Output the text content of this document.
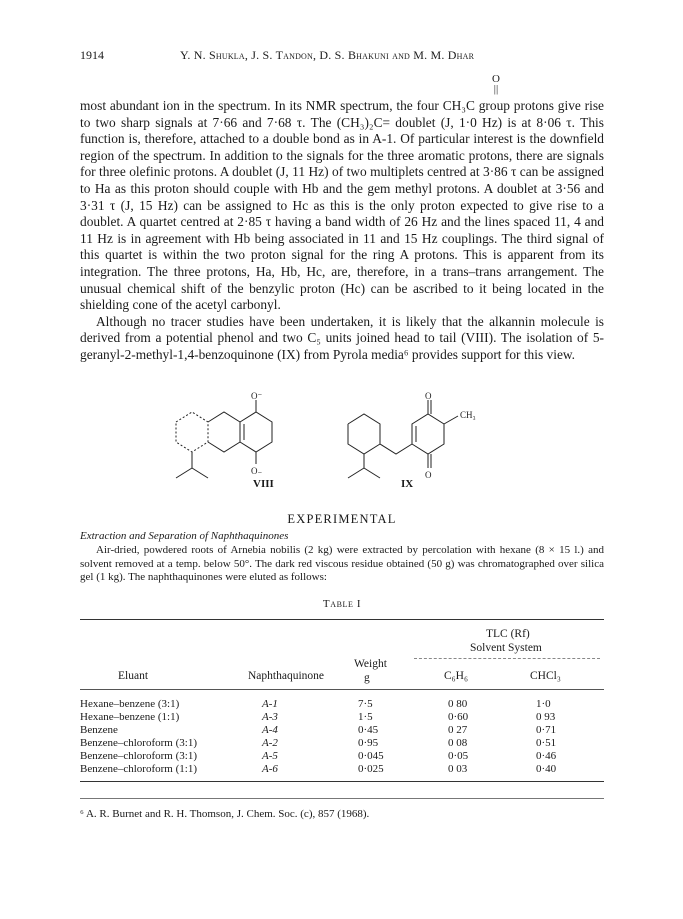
1914	Y. N. Shukla, J. S. Tandon, D. S. Bhakuni and M. M. Dhar
O
||

most abundant ion in the spectrum. In its NMR spectrum, the four CH₃C group protons give rise to two sharp signals at 7·66 and 7·68 τ. The (CH₃)₂C= doublet (J, 1·0 Hz) is at 8·06 τ. This function is, therefore, attached to a double bond as in A-1. Of particular interest is the downfield region of the spectrum. In addition to the signals for the three aromatic protons, there are signals for three olefinic protons. A doublet (J, 11 Hz) of two multiplets centred at 3·86 τ can be assigned to Ha as this proton should couple with Hb and the gem methyl protons. A doublet at 3·56 and 3·31 τ (J, 15 Hz) can be assigned to Hc as this is the only proton expected to give rise to a doublet. A quartet centred at 2·85 τ having a band width of 26 Hz and the lines spaced 11, 4 and 11 Hz is in agreement with Hb being associated in 11 and 15 Hz couplings. The third signal of this quartet is within the two proton signal for the ring A protons. This is apparent from its integration. The three protons, Ha, Hb, Hc, are, therefore, in a trans–trans arrangement. The unusual chemical shift of the benzylic proton (Hc) can be ascribed to it being located in the shielding cone of the acetyl carbonyl.

Although no tracer studies have been undertaken, it is likely that the alkannin molecule is derived from a potential phenol and two C₅ units joined head to tail (VIII). The isolation of 5-geranyl-2-methyl-1,4-benzoquinone (IX) from Pyrola media⁶ provides support for this view.

O⁻
O₋
O
O
CH₃
VIII	IX
EXPERIMENTAL
Extraction and Separation of Naphthaquinones
Air-dried, powdered roots of Arnebia nobilis (2 kg) were extracted by percolation with hexane (8 × 15 l.) and solvent removed at a temp. below 50°. The dark red viscous residue obtained (50 g) was chromatographed over silica gel (1 kg). The naphthaquinones were eluted as follows:
Table I
TLC (Rf)
Solvent System
Eluant	Naphthaquinone
Weight
g	C₆H₆	CHCl₃
Hexane–benzene (3:1)	A-1	7·5	0 80	1·0
Hexane–benzene (1:1)	A-3	1·5	0·60	0 93
Benzene	A-4	0·45	0 27	0·71
Benzene–chloroform (3:1)	A-2	0·95	0 08	0·51
Benzene–chloroform (3:1)	A-5	0·045	0·05	0·46
Benzene–chloroform (1:1)	A-6	0·025	0 03	0·40
⁶ A. R. Burnet and R. H. Thomson, J. Chem. Soc. (c), 857 (1968).
